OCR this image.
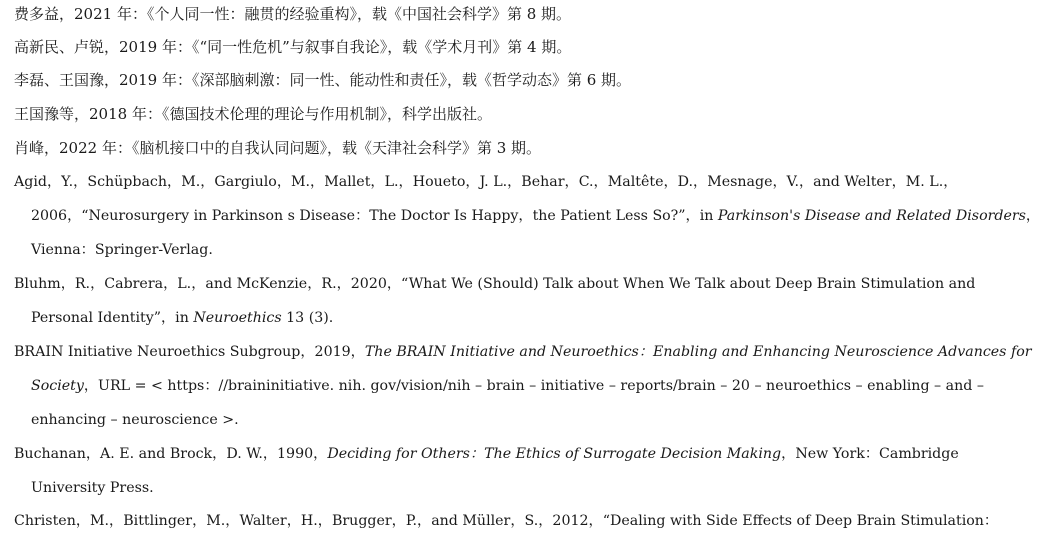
费多益，2021 年：《个人同一性：融贯的经验重构》，载《中国社会科学》第 8 期。
高新民、卢锐，2019 年：《“同一性危机”与叙事自我论》，载《学术月刊》第 4 期。
李磊、王国豫，2019 年：《深部脑刺激：同一性、能动性和责任》，载《哲学动态》第 6 期。
王国豫等，2018 年：《德国技术伦理的理论与作用机制》，科学出版社。
肖峰，2022 年：《脑机接口中的自我认同问题》，载《天津社会科学》第 3 期。
Agid，Y.，Schüpbach，M.，Gargiulo，M.，Mallet，L.，Houeto，J. L.，Behar，C.，Maltête，D.，Mesnage，V.，and Welter，M. L.，
2006，“Neurosurgery in Parkinson s Disease：The Doctor Is Happy，the Patient Less So?”，in Parkinson's Disease and Related Disorders，
Vienna：Springer-Verlag.
Bluhm，R.，Cabrera，L.，and McKenzie，R.，2020，“What We (Should) Talk about When We Talk about Deep Brain Stimulation and
Personal Identity”，in Neuroethics 13 (3).
BRAIN Initiative Neuroethics Subgroup，2019，The BRAIN Initiative and Neuroethics：Enabling and Enhancing Neuroscience Advances for
Society，URL = < https：//braininitiative. nih. gov/vision/nih – brain – initiative – reports/brain – 20 – neuroethics – enabling – and –
enhancing – neuroscience >.
Buchanan，A. E. and Brock，D. W.，1990，Deciding for Others：The Ethics of Surrogate Decision Making，New York：Cambridge
University Press.
Christen，M.，Bittlinger，M.，Walter，H.，Brugger，P.，and Müller，S.，2012，“Dealing with Side Effects of Deep Brain Stimulation：
